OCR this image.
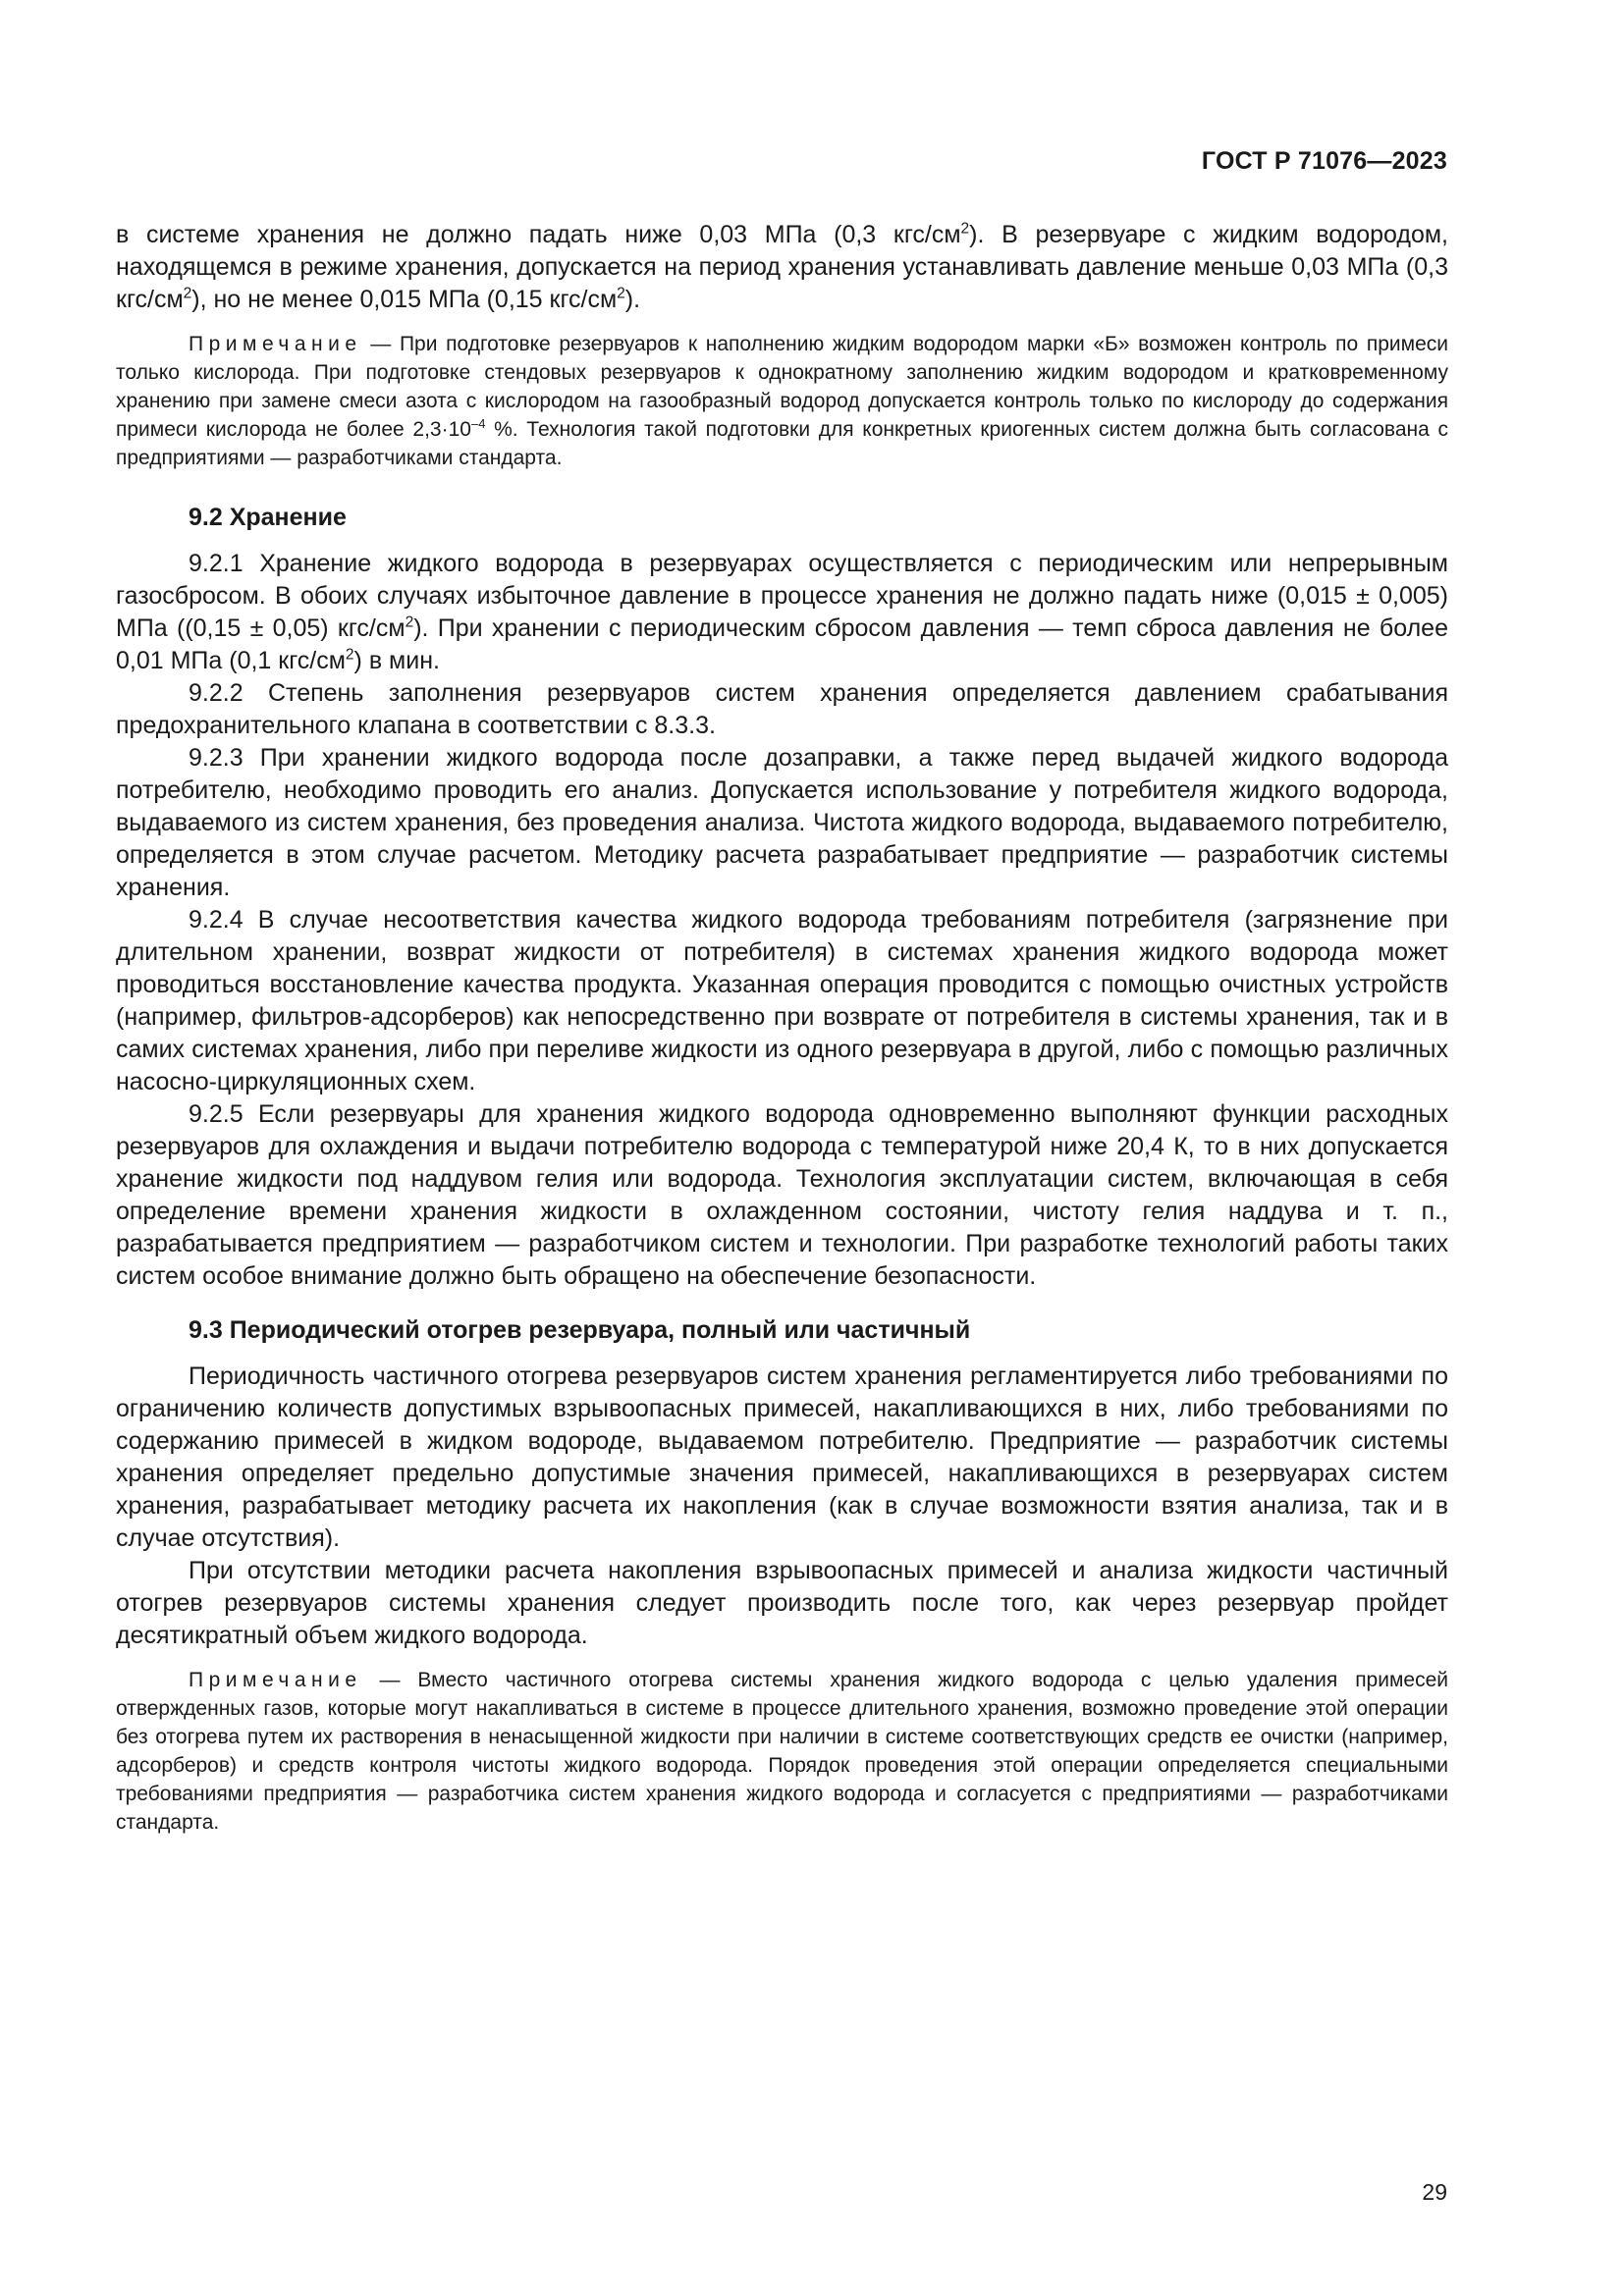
ГОСТ Р 71076—2023

в системе хранения не должно падать ниже 0,03 МПа (0,3 кгс/$см^2$). В резервуаре с жидким водородом, находящемся в режиме хранения, допускается на период хранения устанавливать давление меньше 0,03 МПа (0,3 кгс/$см^2$), но не менее 0,015 МПа (0,15 кгс/$см^2$).

Примечание — При подготовке резервуаров к наполнению жидким водородом марки «Б» возможен контроль по примеси только кислорода. При подготовке стендовых резервуаров к однократному заполнению жидким водородом и кратковременному хранению при замене смеси азота с кислородом на газообразный водород допускается контроль только по кислороду до содержания примеси кислорода не более $2,3\cdot 10^{-4}$ %. Технология такой подготовки для конкретных криогенных систем должна быть согласована с предприятиями — разработчиками стандарта.

9.2 Хранение

9.2.1 Хранение жидкого водорода в резервуарах осуществляется с периодическим или непрерывным газосбросом. В обоих случаях избыточное давление в процессе хранения не должно падать ниже (0,015 ± 0,005) МПа ((0,15 ± 0,05) кгс/$см^2$). При хранении с периодическим сбросом давления — темп сброса давления не более 0,01 МПа (0,1 кгс/$см^2$) в мин.

9.2.2 Степень заполнения резервуаров систем хранения определяется давлением срабатывания предохранительного клапана в соответствии с 8.3.3.

9.2.3 При хранении жидкого водорода после дозаправки, а также перед выдачей жидкого водорода потребителю, необходимо проводить его анализ. Допускается использование у потребителя жидкого водорода, выдаваемого из систем хранения, без проведения анализа. Чистота жидкого водорода, выдаваемого потребителю, определяется в этом случае расчетом. Методику расчета разрабатывает предприятие — разработчик системы хранения.

9.2.4 В случае несоответствия качества жидкого водорода требованиям потребителя (загрязнение при длительном хранении, возврат жидкости от потребителя) в системах хранения жидкого водорода может проводиться восстановление качества продукта. Указанная операция проводится с помощью очистных устройств (например, фильтров-адсорберов) как непосредственно при возврате от потребителя в системы хранения, так и в самих системах хранения, либо при переливе жидкости из одного резервуара в другой, либо с помощью различных насосно-циркуляционных схем.

9.2.5 Если резервуары для хранения жидкого водорода одновременно выполняют функции расходных резервуаров для охлаждения и выдачи потребителю водорода с температурой ниже 20,4 К, то в них допускается хранение жидкости под наддувом гелия или водорода. Технология эксплуатации систем, включающая в себя определение времени хранения жидкости в охлажденном состоянии, чистоту гелия наддува и т. п., разрабатывается предприятием — разработчиком систем и технологии. При разработке технологий работы таких систем особое внимание должно быть обращено на обеспечение безопасности.

9.3 Периодический отогрев резервуара, полный или частичный

Периодичность частичного отогрева резервуаров систем хранения регламентируется либо требованиями по ограничению количеств допустимых взрывоопасных примесей, накапливающихся в них, либо требованиями по содержанию примесей в жидком водороде, выдаваемом потребителю. Предприятие — разработчик системы хранения определяет предельно допустимые значения примесей, накапливающихся в резервуарах систем хранения, разрабатывает методику расчета их накопления (как в случае возможности взятия анализа, так и в случае отсутствия).

При отсутствии методики расчета накопления взрывоопасных примесей и анализа жидкости частичный отогрев резервуаров системы хранения следует производить после того, как через резервуар пройдет десятикратный объем жидкого водорода.

Примечание — Вместо частичного отогрева системы хранения жидкого водорода с целью удаления примесей отвержденных газов, которые могут накапливаться в системе в процессе длительного хранения, возможно проведение этой операции без отогрева путем их растворения в ненасыщенной жидкости при наличии в системе соответствующих средств ее очистки (например, адсорберов) и средств контроля чистоты жидкого водорода. Порядок проведения этой операции определяется специальными требованиями предприятия — разработчика систем хранения жидкого водорода и согласуется с предприятиями — разработчиками стандарта.

29
